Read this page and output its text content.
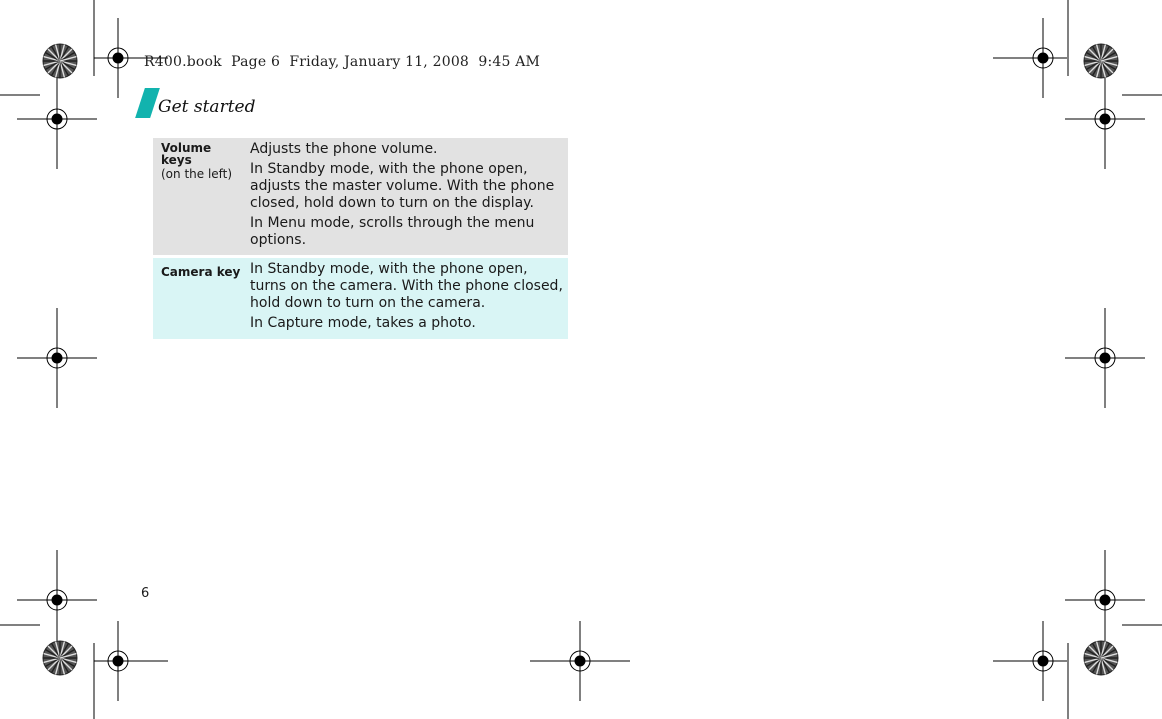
R400.book  Page 6  Friday, January 11, 2008  9:45 AM
Get started
Volume keys
(on the left)

Adjusts the phone volume.

In Standby mode, with the phone open, adjusts the master volume. With the phone closed, hold down to turn on the display.

In Menu mode, scrolls through the menu options.

Camera key In Standby mode, with the phone open, turns on the camera. With the phone closed, hold down to turn on the camera.

In Capture mode, takes a photo.

6
